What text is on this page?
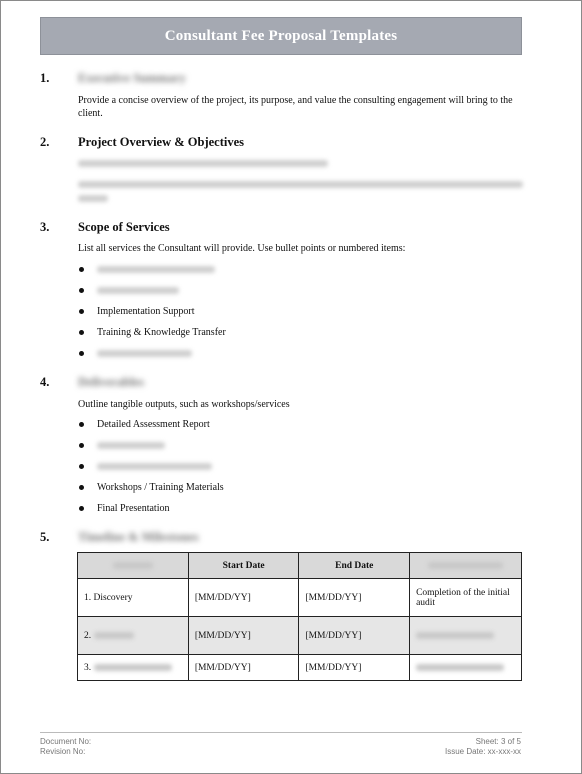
Consultant Fee Proposal Templates
1. Executive Summary
Provide a concise overview of the project, its purpose, and value the consulting engagement will bring to the client.
2. Project Overview & Objectives
3. Scope of Services
List all services the Consultant will provide. Use bullet points or numbered items:
Implementation Support
Training & Knowledge Transfer
4. Deliverables
Outline tangible outputs, such as workshops/services
Detailed Assessment Report
Workshops / Training Materials
Final Presentation
5. Timeline & Milestones
	Start Date	End Date	
1. Discovery	[MM/DD/YY]	[MM/DD/YY]	Completion of the initial audit
2.	[MM/DD/YY]	[MM/DD/YY]	
3.	[MM/DD/YY]	[MM/DD/YY]	
Document No:
Revision No:
Sheet: 3 of 5
Issue Date: xx-xxx-xx
